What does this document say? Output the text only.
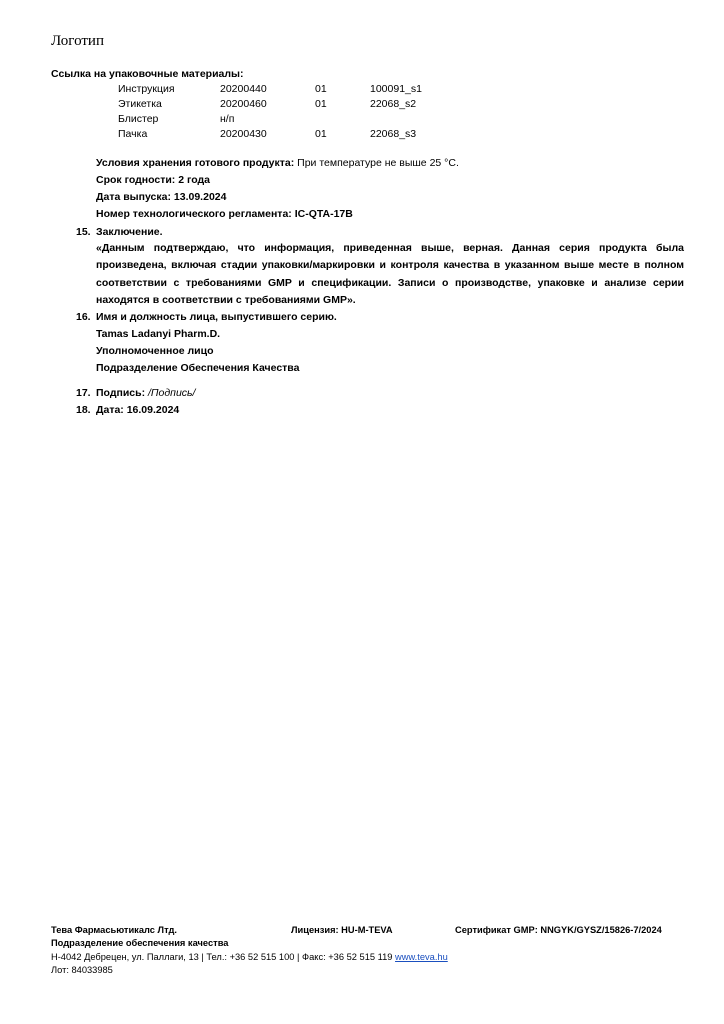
Логотип
Ссылка на упаковочные материалы:
Инструкция	20200440	01	100091_s1
Этикетка	20200460	01	22068_s2
Блистер	н/п
Пачка	20200430	01	22068_s3
Условия хранения готового продукта: При температуре не выше 25 °C.
Срок годности: 2 года
Дата выпуска: 13.09.2024
Номер технологического регламента: IC-QTA-17B
15. Заключение.
«Данным подтверждаю, что информация, приведенная выше, верная. Данная серия продукта была произведена, включая стадии упаковки/маркировки и контроля качества в указанном выше месте в полном соответствии с требованиями GMP и спецификации. Записи о производстве, упаковке и анализе серии находятся в соответствии с требованиями GMP».
16. Имя и должность лица, выпустившего серию.
Tamas Ladanyi Pharm.D.
Уполномоченное лицо
Подразделение Обеспечения Качества
17. Подпись: /Подпись/
18. Дата: 16.09.2024
Тева Фармасьютикалс Лтд.	Лицензия: HU-M-TEVA	Сертификат GMP: NNGYK/GYSZ/15826-7/2024
Подразделение обеспечения качества
H-4042 Дебрецен, ул. Паллаги, 13 | Тел.: +36 52 515 100 | Факс: +36 52 515 119 www.teva.hu
Лот: 84033985
